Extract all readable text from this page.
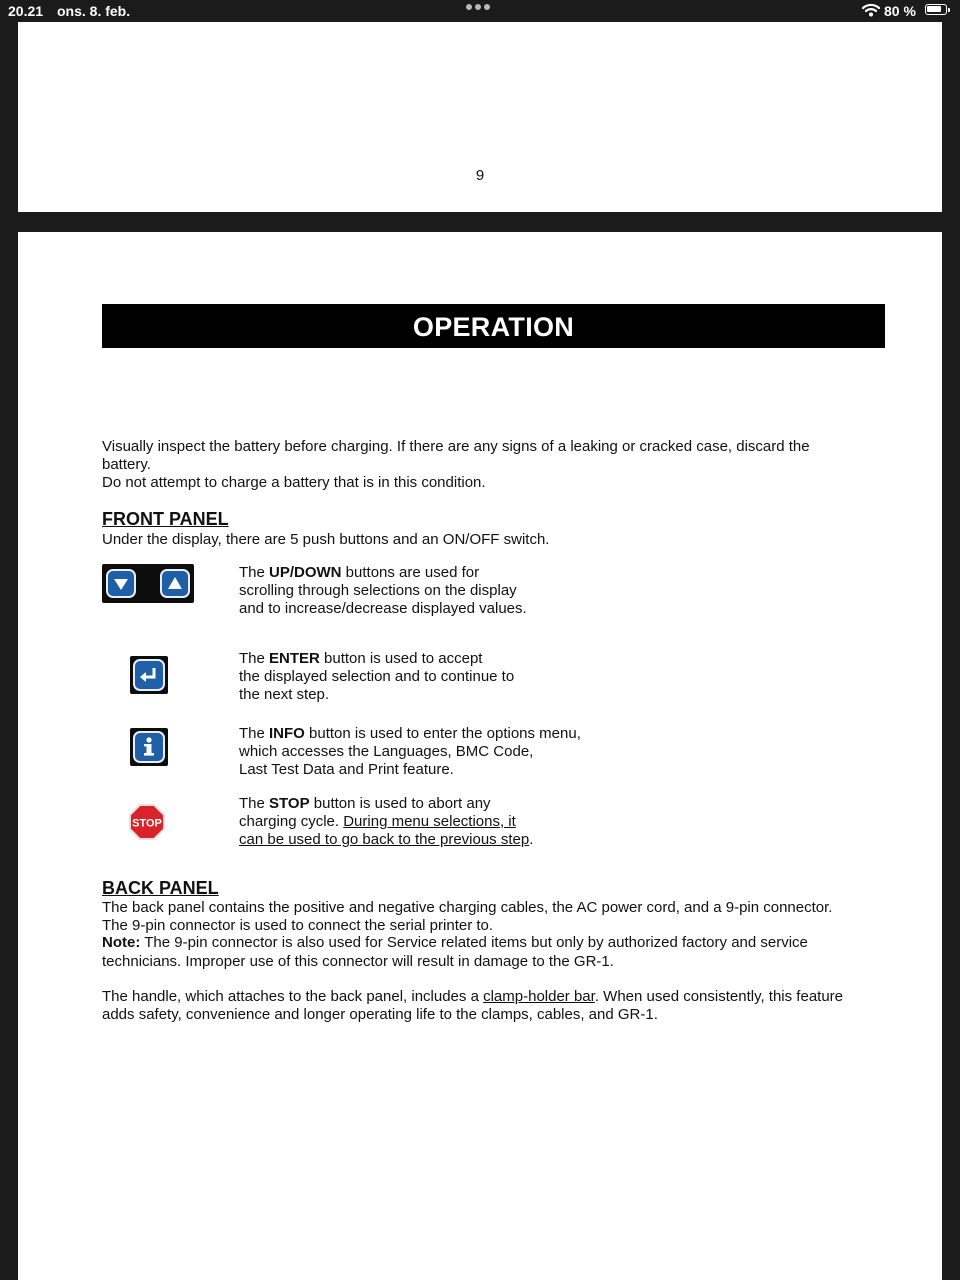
20.21 ons. 8. feb.	80 %
9
OPERATION
Visually inspect the battery before charging. If there are any signs of a leaking or cracked case, discard the
battery.
Do not attempt to charge a battery that is in this condition.
FRONT PANEL
Under the display, there are 5 push buttons and an ON/OFF switch.
The UP/DOWN buttons are used for
scrolling through selections on the display
and to increase/decrease displayed values.
The ENTER button is used to accept
the displayed selection and to continue to
the next step.
The INFO button is used to enter the options menu,
which accesses the Languages, BMC Code,
Last Test Data and Print feature.
STOP
The STOP button is used to abort any
charging cycle. During menu selections, it
can be used to go back to the previous step.
BACK PANEL
The back panel contains the positive and negative charging cables, the AC power cord, and a 9-pin connector.
The 9-pin connector is used to connect the serial printer to.
Note: The 9-pin connector is also used for Service related items but only by authorized factory and service
technicians. Improper use of this connector will result in damage to the GR-1.
The handle, which attaches to the back panel, includes a clamp-holder bar. When used consistently, this feature
adds safety, convenience and longer operating life to the clamps, cables, and GR-1.
